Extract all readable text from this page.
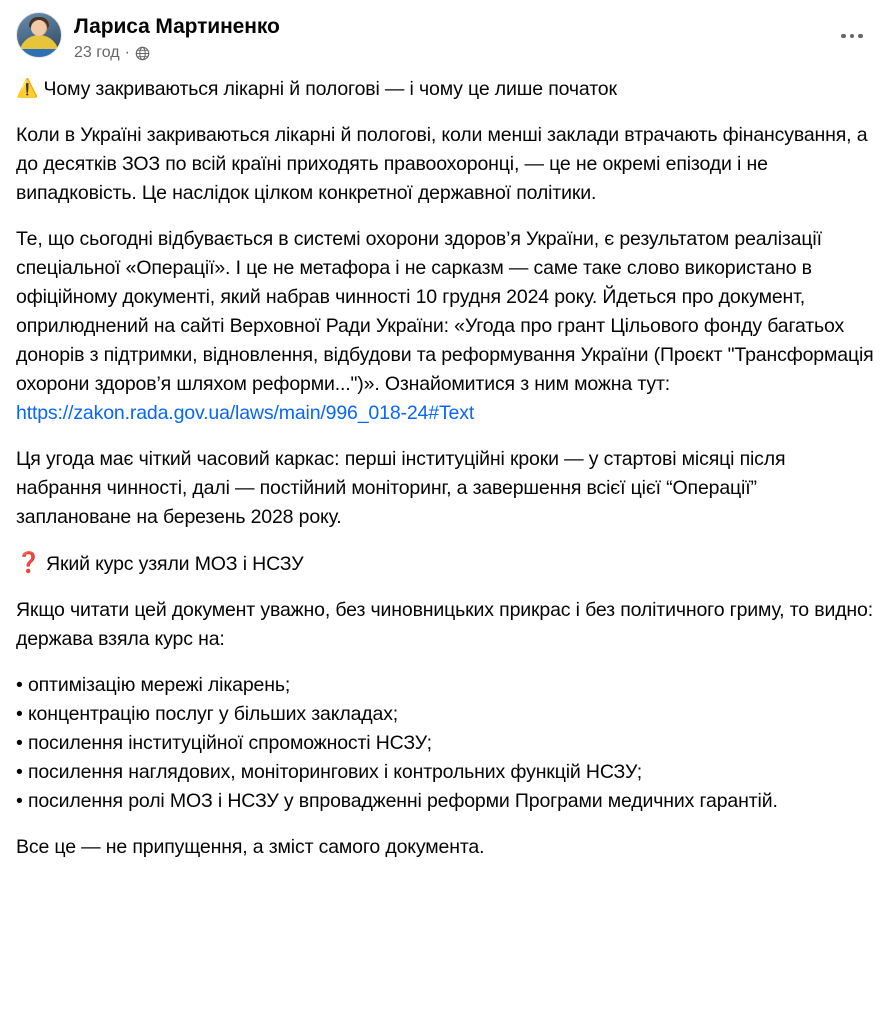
Лариса Мартиненко
23 год ·
⚠️ Чому закриваються лікарні й пологові — і чому це лише початок

Коли в Україні закриваються лікарні й пологові, коли менші заклади втрачають фінансування, а до десятків ЗОЗ по всій країні приходять правоохоронці, — це не окремі епізоди і не випадковість. Це наслідок цілком конкретної державної політики.

Те, що сьогодні відбувається в системі охорони здоров’я України, є результатом реалізації спеціальної «Операції». І це не метафора і не сарказм — саме таке слово використано в офіційному документі, який набрав чинності 10 грудня 2024 року. Йдеться про документ, оприлюднений на сайті Верховної Ради України: «Угода про грант Цільового фонду багатьох донорів з підтримки, відновлення, відбудови та реформування України (Проєкт "Трансформація охорони здоров’я шляхом реформи...")». Ознайомитися з ним можна тут:

https://zakon.rada.gov.ua/laws/main/996_018-24#Text

Ця угода має чіткий часовий каркас: перші інституційні кроки — у стартові місяці після набрання чинності, далі — постійний моніторинг, а завершення всієї цієї “Операції” заплановане на березень 2028 року.

❓ Який курс узяли МОЗ і НСЗУ

Якщо читати цей документ уважно, без чиновницьких прикрас і без політичного гриму, то видно: держава взяла курс на:

• оптимізацію мережі лікарень;
• концентрацію послуг у більших закладах;
• посилення інституційної спроможності НСЗУ;
• посилення наглядових, моніторингових і контрольних функцій НСЗУ;
• посилення ролі МОЗ і НСЗУ у впровадженні реформи Програми медичних гарантій.

Все це — не припущення, а зміст самого документа.
